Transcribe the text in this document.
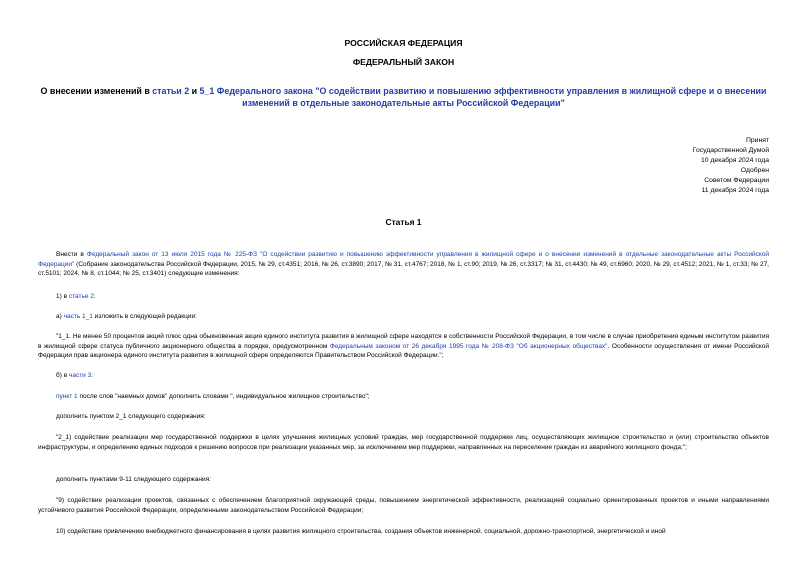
РОССИЙСКАЯ ФЕДЕРАЦИЯ
ФЕДЕРАЛЬНЫЙ ЗАКОН
О внесении изменений в статьи 2 и 5_1 Федерального закона "О содействии развитию и повышению эффективности управления в жилищной сфере и о внесении изменений в отдельные законодательные акты Российской Федерации"
Принят
Государственной Думой
10 декабря 2024 года
Одобрен
Советом Федерации
11 декабря 2024 года
Статья 1
Внести в Федеральный закон от 13 июля 2015 года № 225-ФЗ "О содействии развитию и повышению эффективности управления в жилищной сфере и о внесении изменений в отдельные законодательные акты Российской Федерации" (Собрание законодательства Российской Федерации, 2015, № 29, ст.4351; 2016, № 26, ст.3890; 2017, № 31, ст.4767; 2018, № 1, ст.90; 2019, № 26, ст.3317; № 31, ст.4430; № 49, ст.6960; 2020, № 29, ст.4512; 2021, № 1, ст.33; № 27, ст.5101; 2024, № 8, ст.1044; № 25, ст.3401) следующие изменения:
1) в статье 2:
а) часть 1_1 изложить в следующей редакции:
"1_1. Не менее 50 процентов акций плюс одна обыкновенная акция единого института развития в жилищной сфере находятся в собственности Российской Федерации, в том числе в случае приобретения единым институтом развития в жилищной сфере статуса публичного акционерного общества в порядке, предусмотренном Федеральным законом от 26 декабря 1995 года № 208-ФЗ "Об акционерных обществах". Особенности осуществления от имени Российской Федерации прав акционера единого института развития в жилищной сфере определяются Правительством Российской Федерации.";
б) в части 3:
пункт 1 после слов "наемных домов" дополнить словами ", индивидуальное жилищное строительство";
дополнить пунктом 2_1 следующего содержания:
"2_1) содействие реализации мер государственной поддержки в целях улучшения жилищных условий граждан, мер государственной поддержки лиц, осуществляющих жилищное строительство и (или) строительство объектов инфраструктуры, и определению единых подходов к решению вопросов при реализации указанных мер, за исключением мер поддержки, направленных на переселение граждан из аварийного жилищного фонда;";
дополнить пунктами 9-11 следующего содержания:
"9) содействие реализации проектов, связанных с обеспечением благоприятной окружающей среды, повышением энергетической эффективности, реализацией социально ориентированных проектов и иными направлениями устойчивого развития Российской Федерации, определенными законодательством Российской Федерации;
10) содействие привлечению внебюджетного финансирования в целях развития жилищного строительства, создания объектов инженерной, социальной, дорожно-транспортной, энергетической и иной
